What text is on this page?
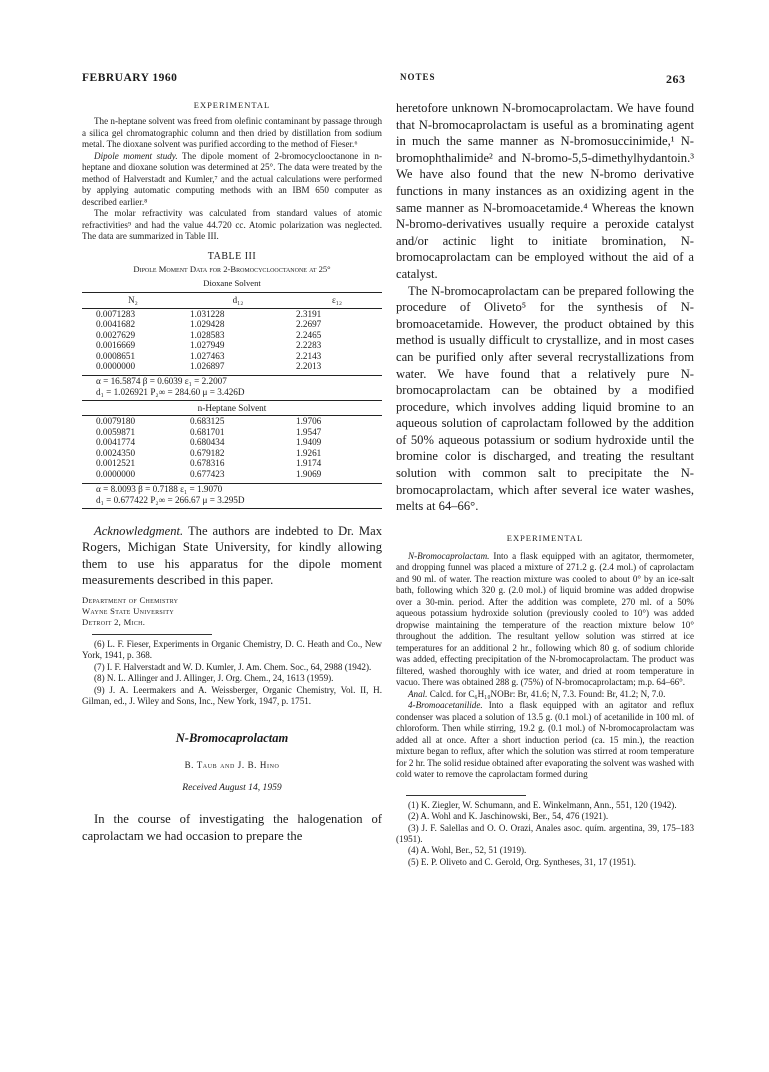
FEBRUARY 1960	NOTES	263
EXPERIMENTAL

The n-heptane solvent was freed from olefinic contaminant by passage through a silica gel chromatographic column and then dried by distillation from sodium metal. The dioxane solvent was purified according to the method of Fieser.⁶

Dipole moment study. The dipole moment of 2-bromocyclooctanone in n-heptane and dioxane solution was determined at 25°. The data were treated by the method of Halverstadt and Kumler,⁷ and the actual calculations were performed by applying automatic computing methods with an IBM 650 computer as described earlier.⁸

The molar refractivity was calculated from standard values of atomic refractivities⁹ and had the value 44.720 cc. Atomic polarization was neglected. The data are summarized in Table III.

TABLE III
Dipole Moment Data for 2-Bromocyclooctanone at 25°
Dioxane Solvent
N₂	d₁₂	ε₁₂
0.0071283	1.031228	2.3191
0.0041682	1.029428	2.2697
0.0027629	1.028583	2.2465
0.0016669	1.027949	2.2283
0.0008651	1.027463	2.2143
0.0000000	1.026897	2.2013
α = 16.5874 β = 0.6039 ε₁ = 2.2007
d₁ = 1.026921 P₂∞ = 284.60 μ = 3.426D
n-Heptane Solvent
0.0079180	0.683125	1.9706
0.0059871	0.681701	1.9547
0.0041774	0.680434	1.9409
0.0024350	0.679182	1.9261
0.0012521	0.678316	1.9174
0.0000000	0.677423	1.9069
α = 8.0093 β = 0.7188 ε₁ = 1.9070
d₁ = 0.677422 P₂∞ = 266.67 μ = 3.295D

Acknowledgment. The authors are indebted to Dr. Max Rogers, Michigan State University, for kindly allowing them to use his apparatus for the dipole moment measurements described in this paper.

Department of Chemistry
Wayne State University
Detroit 2, Mich.

(6) L. F. Fieser, Experiments in Organic Chemistry, D. C. Heath and Co., New York, 1941, p. 368.

(7) I. F. Halverstadt and W. D. Kumler, J. Am. Chem. Soc., 64, 2988 (1942).

(8) N. L. Allinger and J. Allinger, J. Org. Chem., 24, 1613 (1959).

(9) J. A. Leermakers and A. Weissberger, Organic Chemistry, Vol. II, H. Gilman, ed., J. Wiley and Sons, Inc., New York, 1947, p. 1751.

N-Bromocaprolactam
B. Taub and J. B. Hino
Received August 14, 1959

In the course of investigating the halogenation of caprolactam we had occasion to prepare the

heretofore unknown N-bromocaprolactam. We have found that N-bromocaprolactam is useful as a brominating agent in much the same manner as N-bromosuccinimide,¹ N-bromophthalimide² and N-bromo-5,5-dimethylhydantoin.³ We have also found that the new N-bromo derivative functions in many instances as an oxidizing agent in the same manner as N-bromoacetamide.⁴ Whereas the known N-bromo-derivatives usually require a peroxide catalyst and/or actinic light to initiate bromination, N-bromocaprolactam can be employed without the aid of a catalyst.

The N-bromocaprolactam can be prepared following the procedure of Oliveto⁵ for the synthesis of N-bromoacetamide. However, the product obtained by this method is usually difficult to crystallize, and in most cases can be purified only after several recrystallizations from water. We have found that a relatively pure N-bromocaprolactam can be obtained by a modified procedure, which involves adding liquid bromine to an aqueous solution of caprolactam followed by the addition of 50% aqueous potassium or sodium hydroxide until the bromine color is discharged, and treating the resultant solution with common salt to precipitate the N-bromocaprolactam, which after several ice water washes, melts at 64–66°.

EXPERIMENTAL

N-Bromocaprolactam. Into a flask equipped with an agitator, thermometer, and dropping funnel was placed a mixture of 271.2 g. (2.4 mol.) of caprolactam and 90 ml. of water. The reaction mixture was cooled to about 0° by an ice-salt bath, following which 320 g. (2.0 mol.) of liquid bromine was added dropwise over a 30-min. period. After the addition was complete, 270 ml. of a 50% aqueous potassium hydroxide solution (previously cooled to 10°) was added dropwise maintaining the temperature of the reaction mixture below 10° throughout the addition. The resultant yellow solution was stirred at ice temperatures for an additional 2 hr., following which 80 g. of sodium chloride was added, effecting precipitation of the N-bromocaprolactam. The product was filtered, washed thoroughly with ice water, and dried at room temperature in vacuo. There was obtained 288 g. (75%) of N-bromocaprolactam; m.p. 64–66°.

Anal. Calcd. for C₆H₁₀NOBr: Br, 41.6; N, 7.3. Found: Br, 41.2; N, 7.0.

4-Bromoacetanilide. Into a flask equipped with an agitator and reflux condenser was placed a solution of 13.5 g. (0.1 mol.) of acetanilide in 100 ml. of chloroform. Then while stirring, 19.2 g. (0.1 mol.) of N-bromocaprolactam was added all at once. After a short induction period (ca. 15 min.), the reaction mixture began to reflux, after which the solution was stirred at room temperature for 2 hr. The solid residue obtained after evaporating the solvent was washed with cold water to remove the caprolactam formed during

(1) K. Ziegler, W. Schumann, and E. Winkelmann, Ann., 551, 120 (1942).

(2) A. Wohl and K. Jaschinowski, Ber., 54, 476 (1921).

(3) J. F. Salellas and O. O. Orazi, Anales asoc. quím. argentina, 39, 175–183 (1951).

(4) A. Wohl, Ber., 52, 51 (1919).

(5) E. P. Oliveto and C. Gerold, Org. Syntheses, 31, 17 (1951).
